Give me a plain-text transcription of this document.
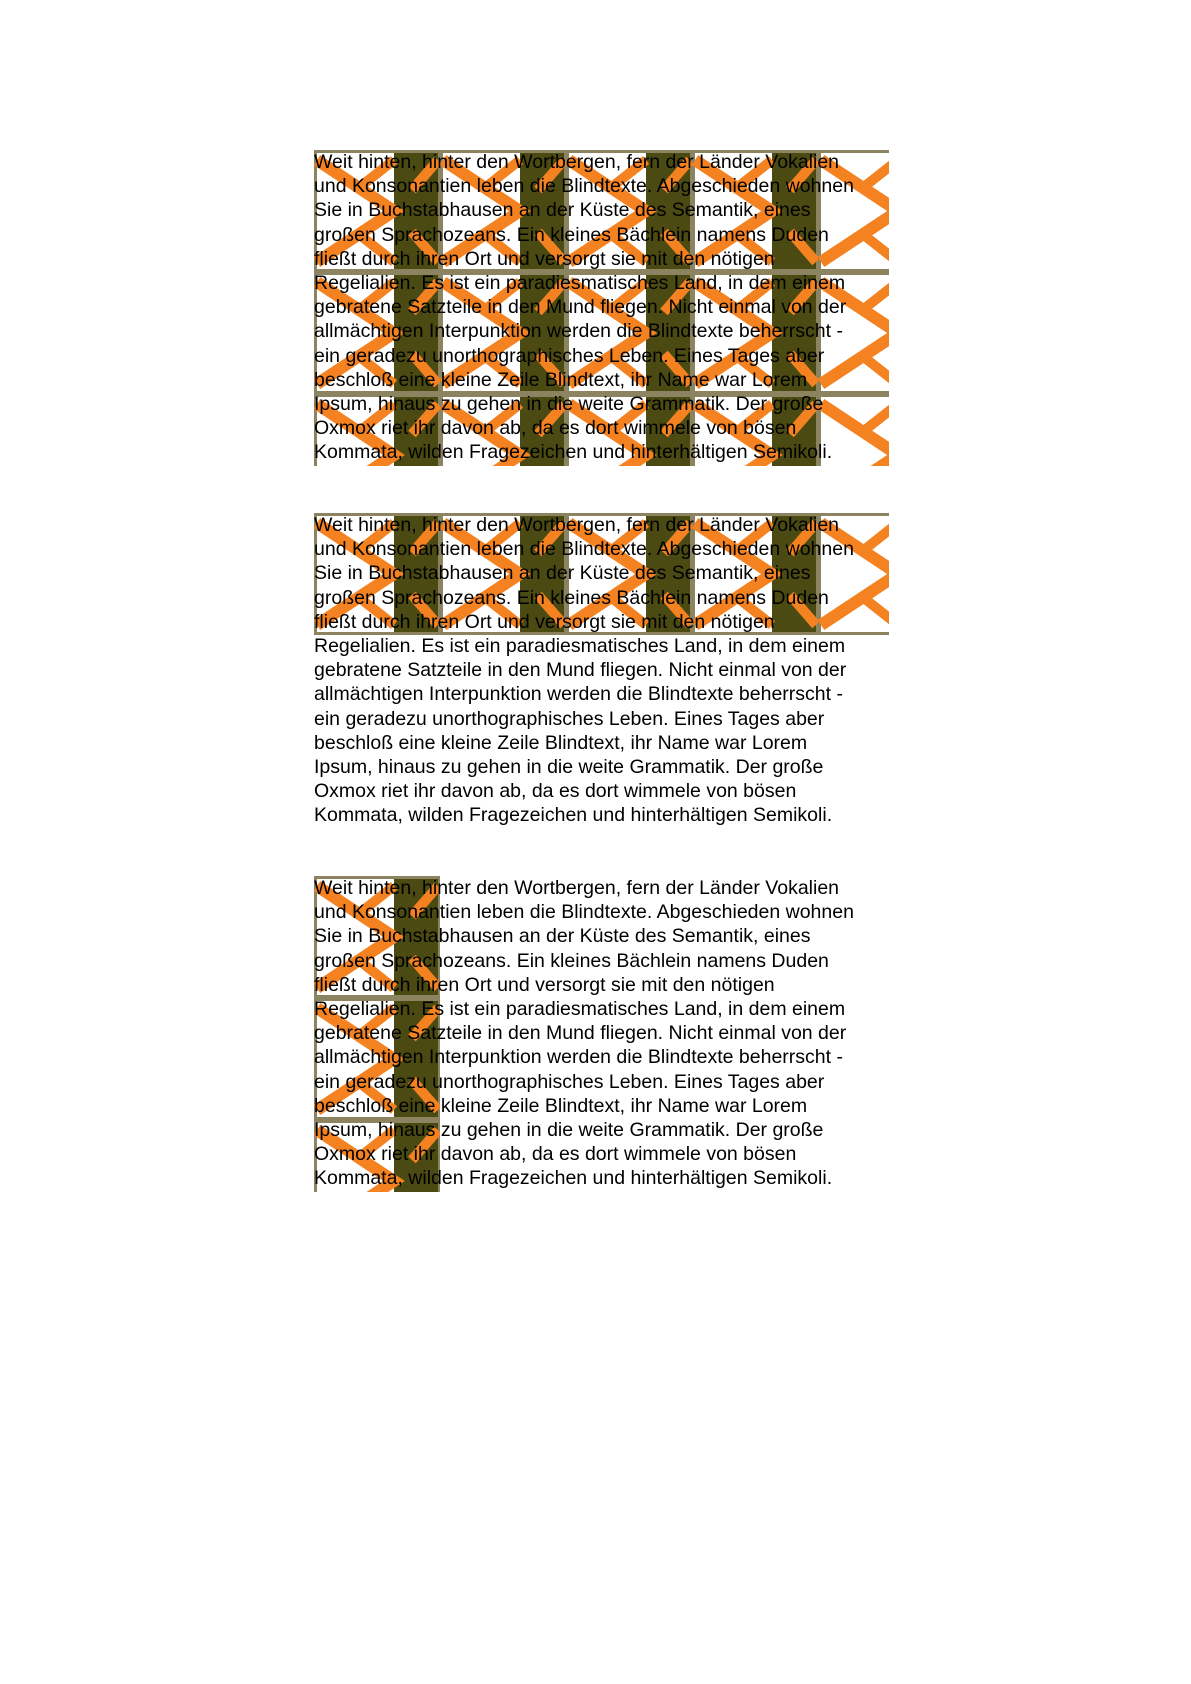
Weit hinten, hinter den Wortbergen, fern der Länder Vokalien
und Konsonantien leben die Blindtexte. Abgeschieden wohnen
Sie in Buchstabhausen an der Küste des Semantik, eines
großen Sprachozeans. Ein kleines Bächlein namens Duden
fließt durch ihren Ort und versorgt sie mit den nötigen
Regelialien. Es ist ein paradiesmatisches Land, in dem einem
gebratene Satzteile in den Mund fliegen. Nicht einmal von der
allmächtigen Interpunktion werden die Blindtexte beherrscht -
ein geradezu unorthographisches Leben. Eines Tages aber
beschloß eine kleine Zeile Blindtext, ihr Name war Lorem
Ipsum, hinaus zu gehen in die weite Grammatik. Der große
Oxmox riet ihr davon ab, da es dort wimmele von bösen
Kommata, wilden Fragezeichen und hinterhältigen Semikoli.

Weit hinten, hinter den Wortbergen, fern der Länder Vokalien
und Konsonantien leben die Blindtexte. Abgeschieden wohnen
Sie in Buchstabhausen an der Küste des Semantik, eines
großen Sprachozeans. Ein kleines Bächlein namens Duden
fließt durch ihren Ort und versorgt sie mit den nötigen
Regelialien. Es ist ein paradiesmatisches Land, in dem einem
gebratene Satzteile in den Mund fliegen. Nicht einmal von der
allmächtigen Interpunktion werden die Blindtexte beherrscht -
ein geradezu unorthographisches Leben. Eines Tages aber
beschloß eine kleine Zeile Blindtext, ihr Name war Lorem
Ipsum, hinaus zu gehen in die weite Grammatik. Der große
Oxmox riet ihr davon ab, da es dort wimmele von bösen
Kommata, wilden Fragezeichen und hinterhältigen Semikoli.

Weit hinten, hinter den Wortbergen, fern der Länder Vokalien
und Konsonantien leben die Blindtexte. Abgeschieden wohnen
Sie in Buchstabhausen an der Küste des Semantik, eines
großen Sprachozeans. Ein kleines Bächlein namens Duden
fließt durch ihren Ort und versorgt sie mit den nötigen
Regelialien. Es ist ein paradiesmatisches Land, in dem einem
gebratene Satzteile in den Mund fliegen. Nicht einmal von der
allmächtigen Interpunktion werden die Blindtexte beherrscht -
ein geradezu unorthographisches Leben. Eines Tages aber
beschloß eine kleine Zeile Blindtext, ihr Name war Lorem
Ipsum, hinaus zu gehen in die weite Grammatik. Der große
Oxmox riet ihr davon ab, da es dort wimmele von bösen
Kommata, wilden Fragezeichen und hinterhältigen Semikoli.
